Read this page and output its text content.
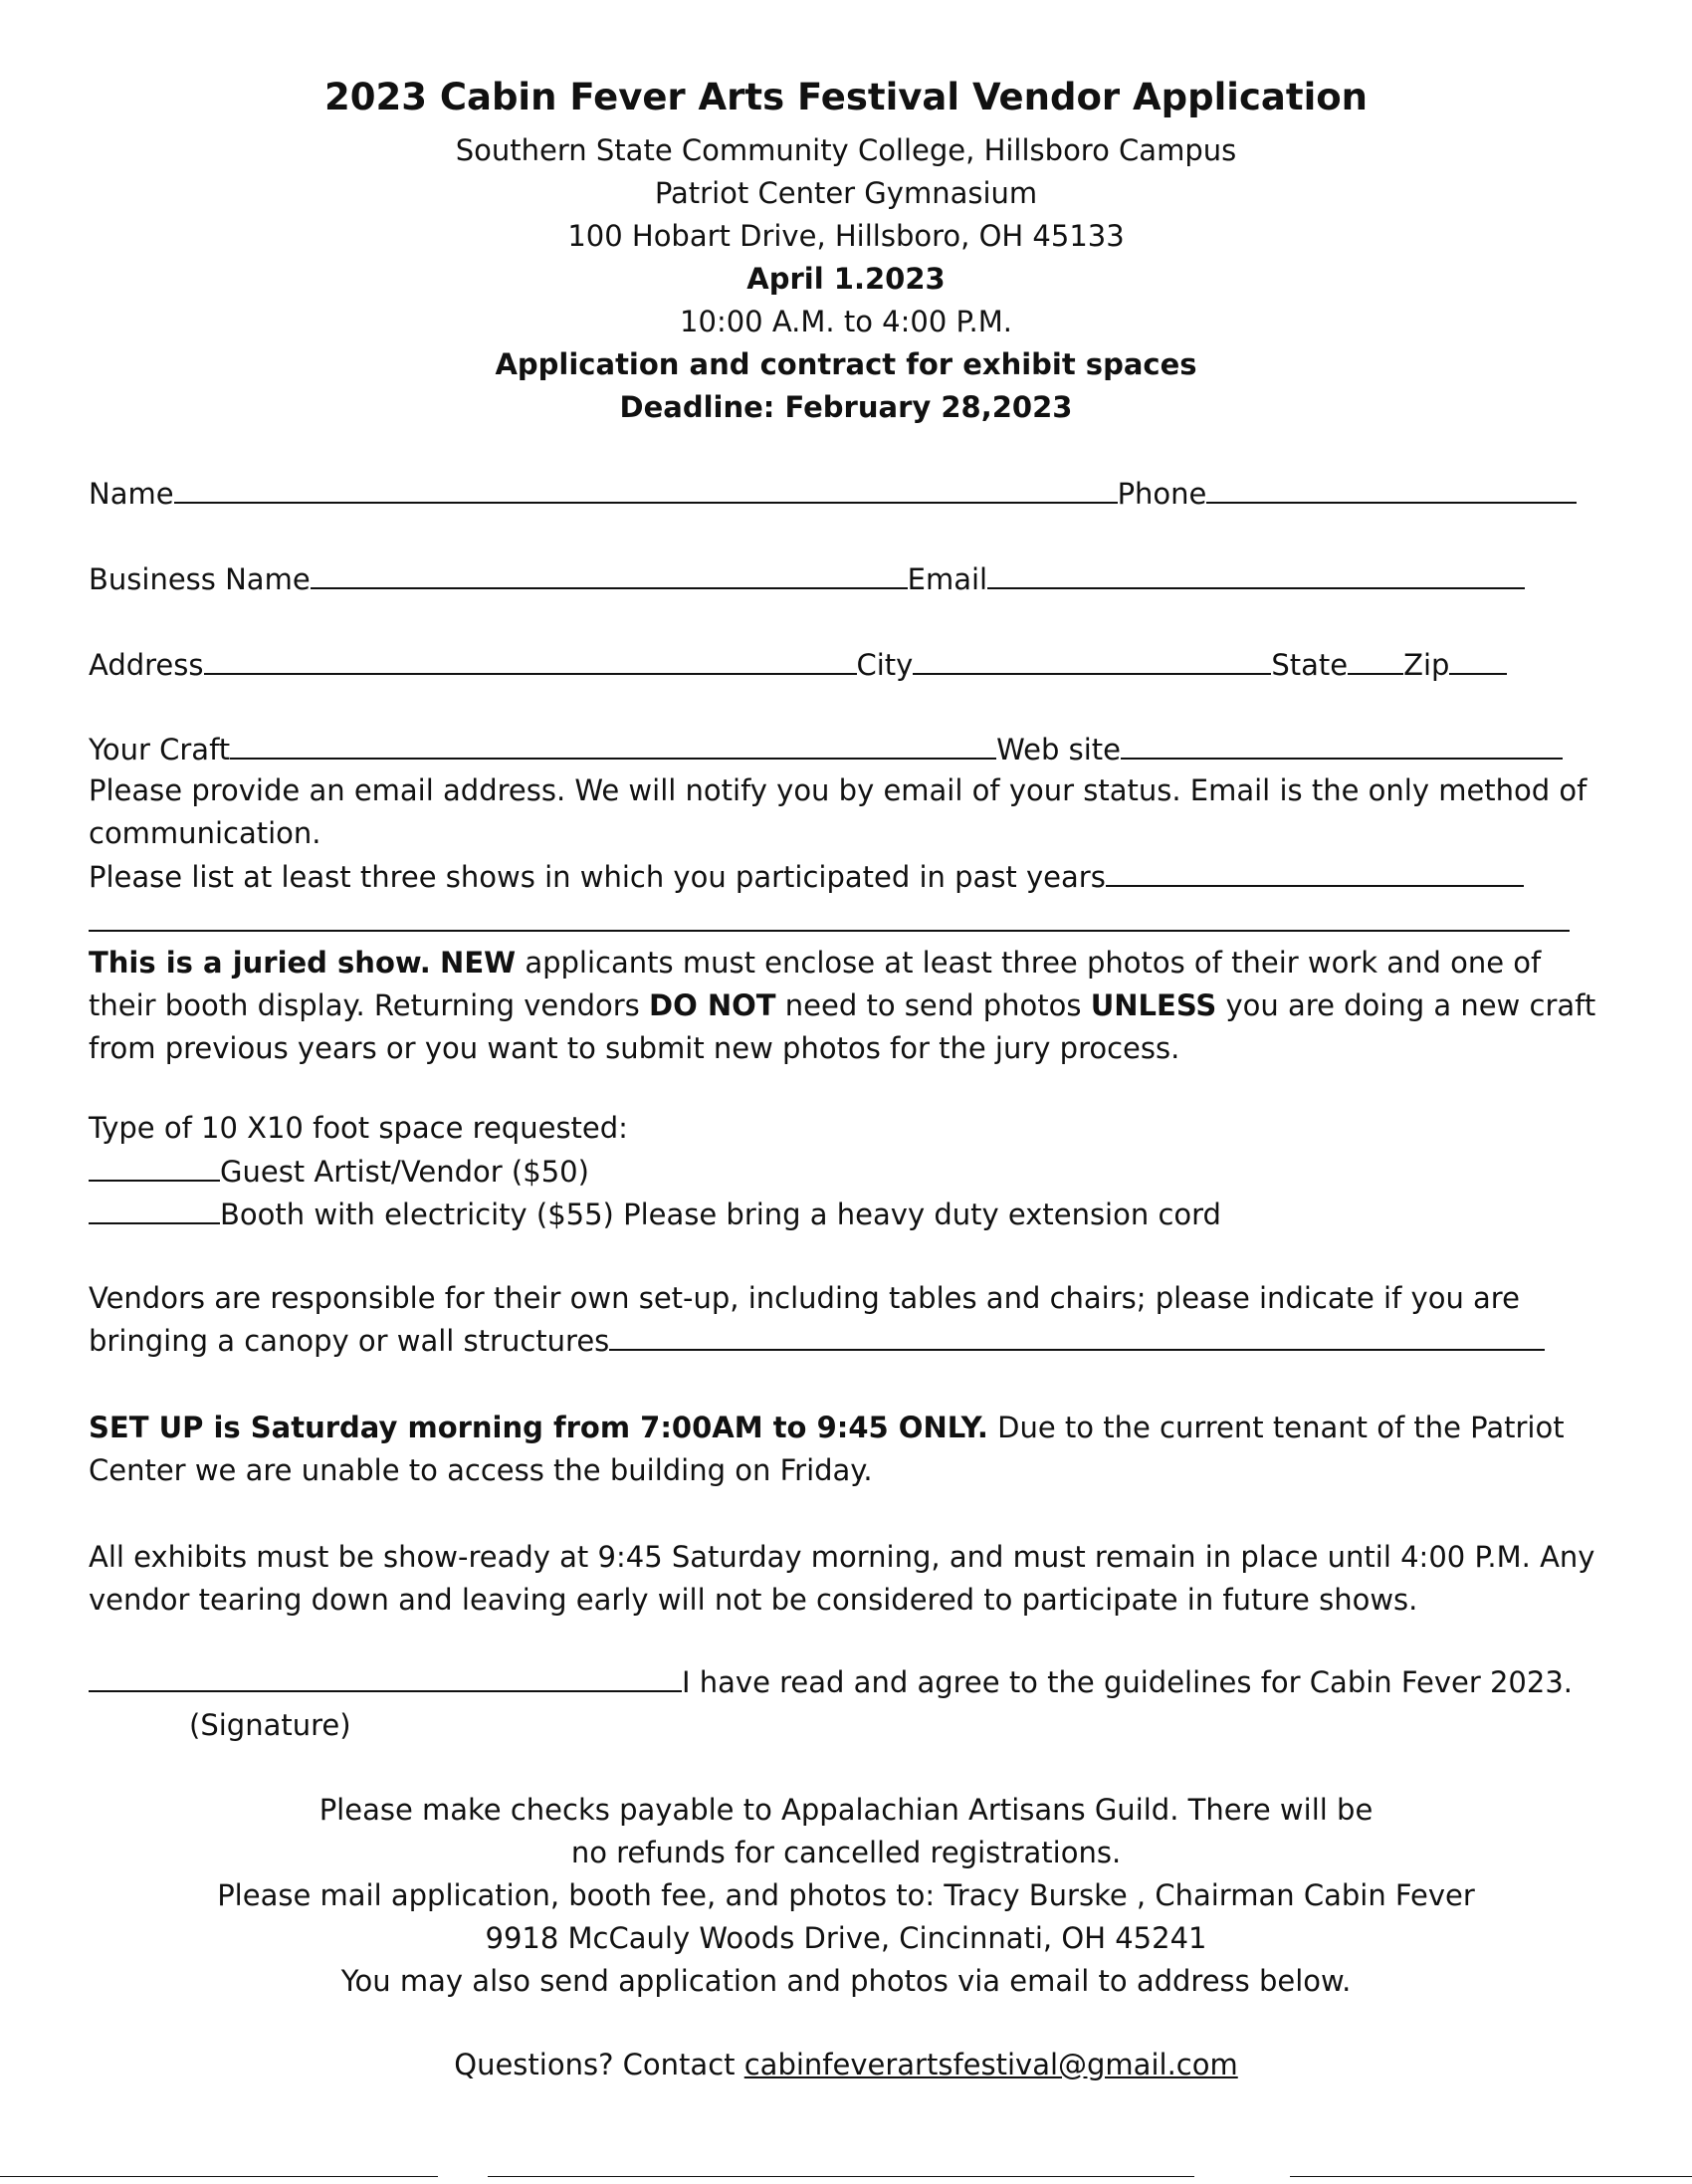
2023 Cabin Fever Arts Festival Vendor Application
Southern State Community College, Hillsboro Campus
Patriot Center Gymnasium
100 Hobart Drive, Hillsboro, OH 45133
April 1.2023
10:00 A.M. to 4:00 P.M.
Application and contract for exhibit spaces
Deadline: February 28,2023
Name	Phone
Business Name	Email
Address	City	State Zip
Your Craft	Web site
Please provide an email address. We will notify you by email of your status. Email is the only method of communication.
Please list at least three shows in which you participated in past years
This is a juried show. NEW applicants must enclose at least three photos of their work and one of their booth display. Returning vendors DO NOT need to send photos UNLESS you are doing a new craft from previous years or you want to submit new photos for the jury process.
Type of 10 X10 foot space requested:
Guest Artist/Vendor ($50)
Booth with electricity ($55) Please bring a heavy duty extension cord
Vendors are responsible for their own set-up, including tables and chairs; please indicate if you are bringing a canopy or wall structures
SET UP is Saturday morning from 7:00AM to 9:45 ONLY. Due to the current tenant of the Patriot Center we are unable to access the building on Friday.
All exhibits must be show-ready at 9:45 Saturday morning, and must remain in place until 4:00 P.M. Any vendor tearing down and leaving early will not be considered to participate in future shows.
I have read and agree to the guidelines for Cabin Fever 2023.
(Signature)
Please make checks payable to Appalachian Artisans Guild. There will be
no refunds for cancelled registrations.
Please mail application, booth fee, and photos to: Tracy Burske , Chairman Cabin Fever
9918 McCauly Woods Drive, Cincinnati, OH 45241
You may also send application and photos via email to address below.
Questions? Contact cabinfeverartsfestival@gmail.com
